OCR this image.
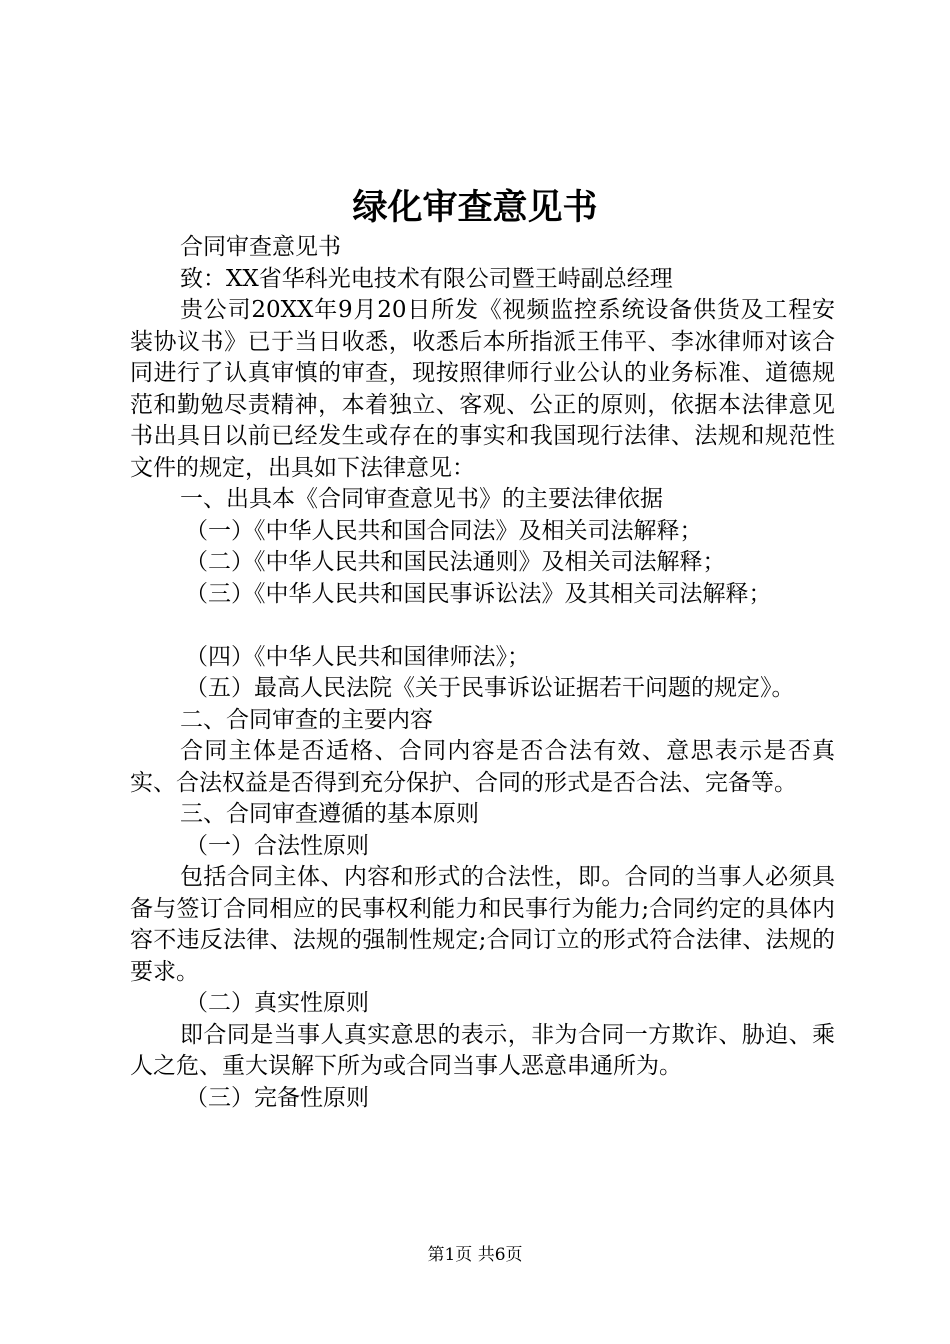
绿化审查意见书

合同审查意见书

致：XX省华科光电技术有限公司暨王峙副总经理

贵公司20XX年9月20日所发《视频监控系统设备供货及工程安装协议书》已于当日收悉，收悉后本所指派王伟平、李冰律师对该合同进行了认真审慎的审查，现按照律师行业公认的业务标准、道德规范和勤勉尽责精神，本着独立、客观、公正的原则，依据本法律意见书出具日以前已经发生或存在的事实和我国现行法律、法规和规范性文件的规定，出具如下法律意见：

一、出具本《合同审查意见书》的主要法律依据

（一）《中华人民共和国合同法》及相关司法解释；

（二）《中华人民共和国民法通则》及相关司法解释；

（三）《中华人民共和国民事诉讼法》及其相关司法解释；

（四）《中华人民共和国律师法》；

（五）最高人民法院《关于民事诉讼证据若干问题的规定》。

二、合同审查的主要内容

合同主体是否适格、合同内容是否合法有效、意思表示是否真实、合法权益是否得到充分保护、合同的形式是否合法、完备等。

三、合同审查遵循的基本原则

（一）合法性原则

包括合同主体、内容和形式的合法性，即。合同的当事人必须具备与签订合同相应的民事权利能力和民事行为能力;合同约定的具体内容不违反法律、法规的强制性规定;合同订立的形式符合法律、法规的要求。

（二）真实性原则

即合同是当事人真实意思的表示，非为合同一方欺诈、胁迫、乘人之危、重大误解下所为或合同当事人恶意串通所为。

（三）完备性原则

第1页 共6页
